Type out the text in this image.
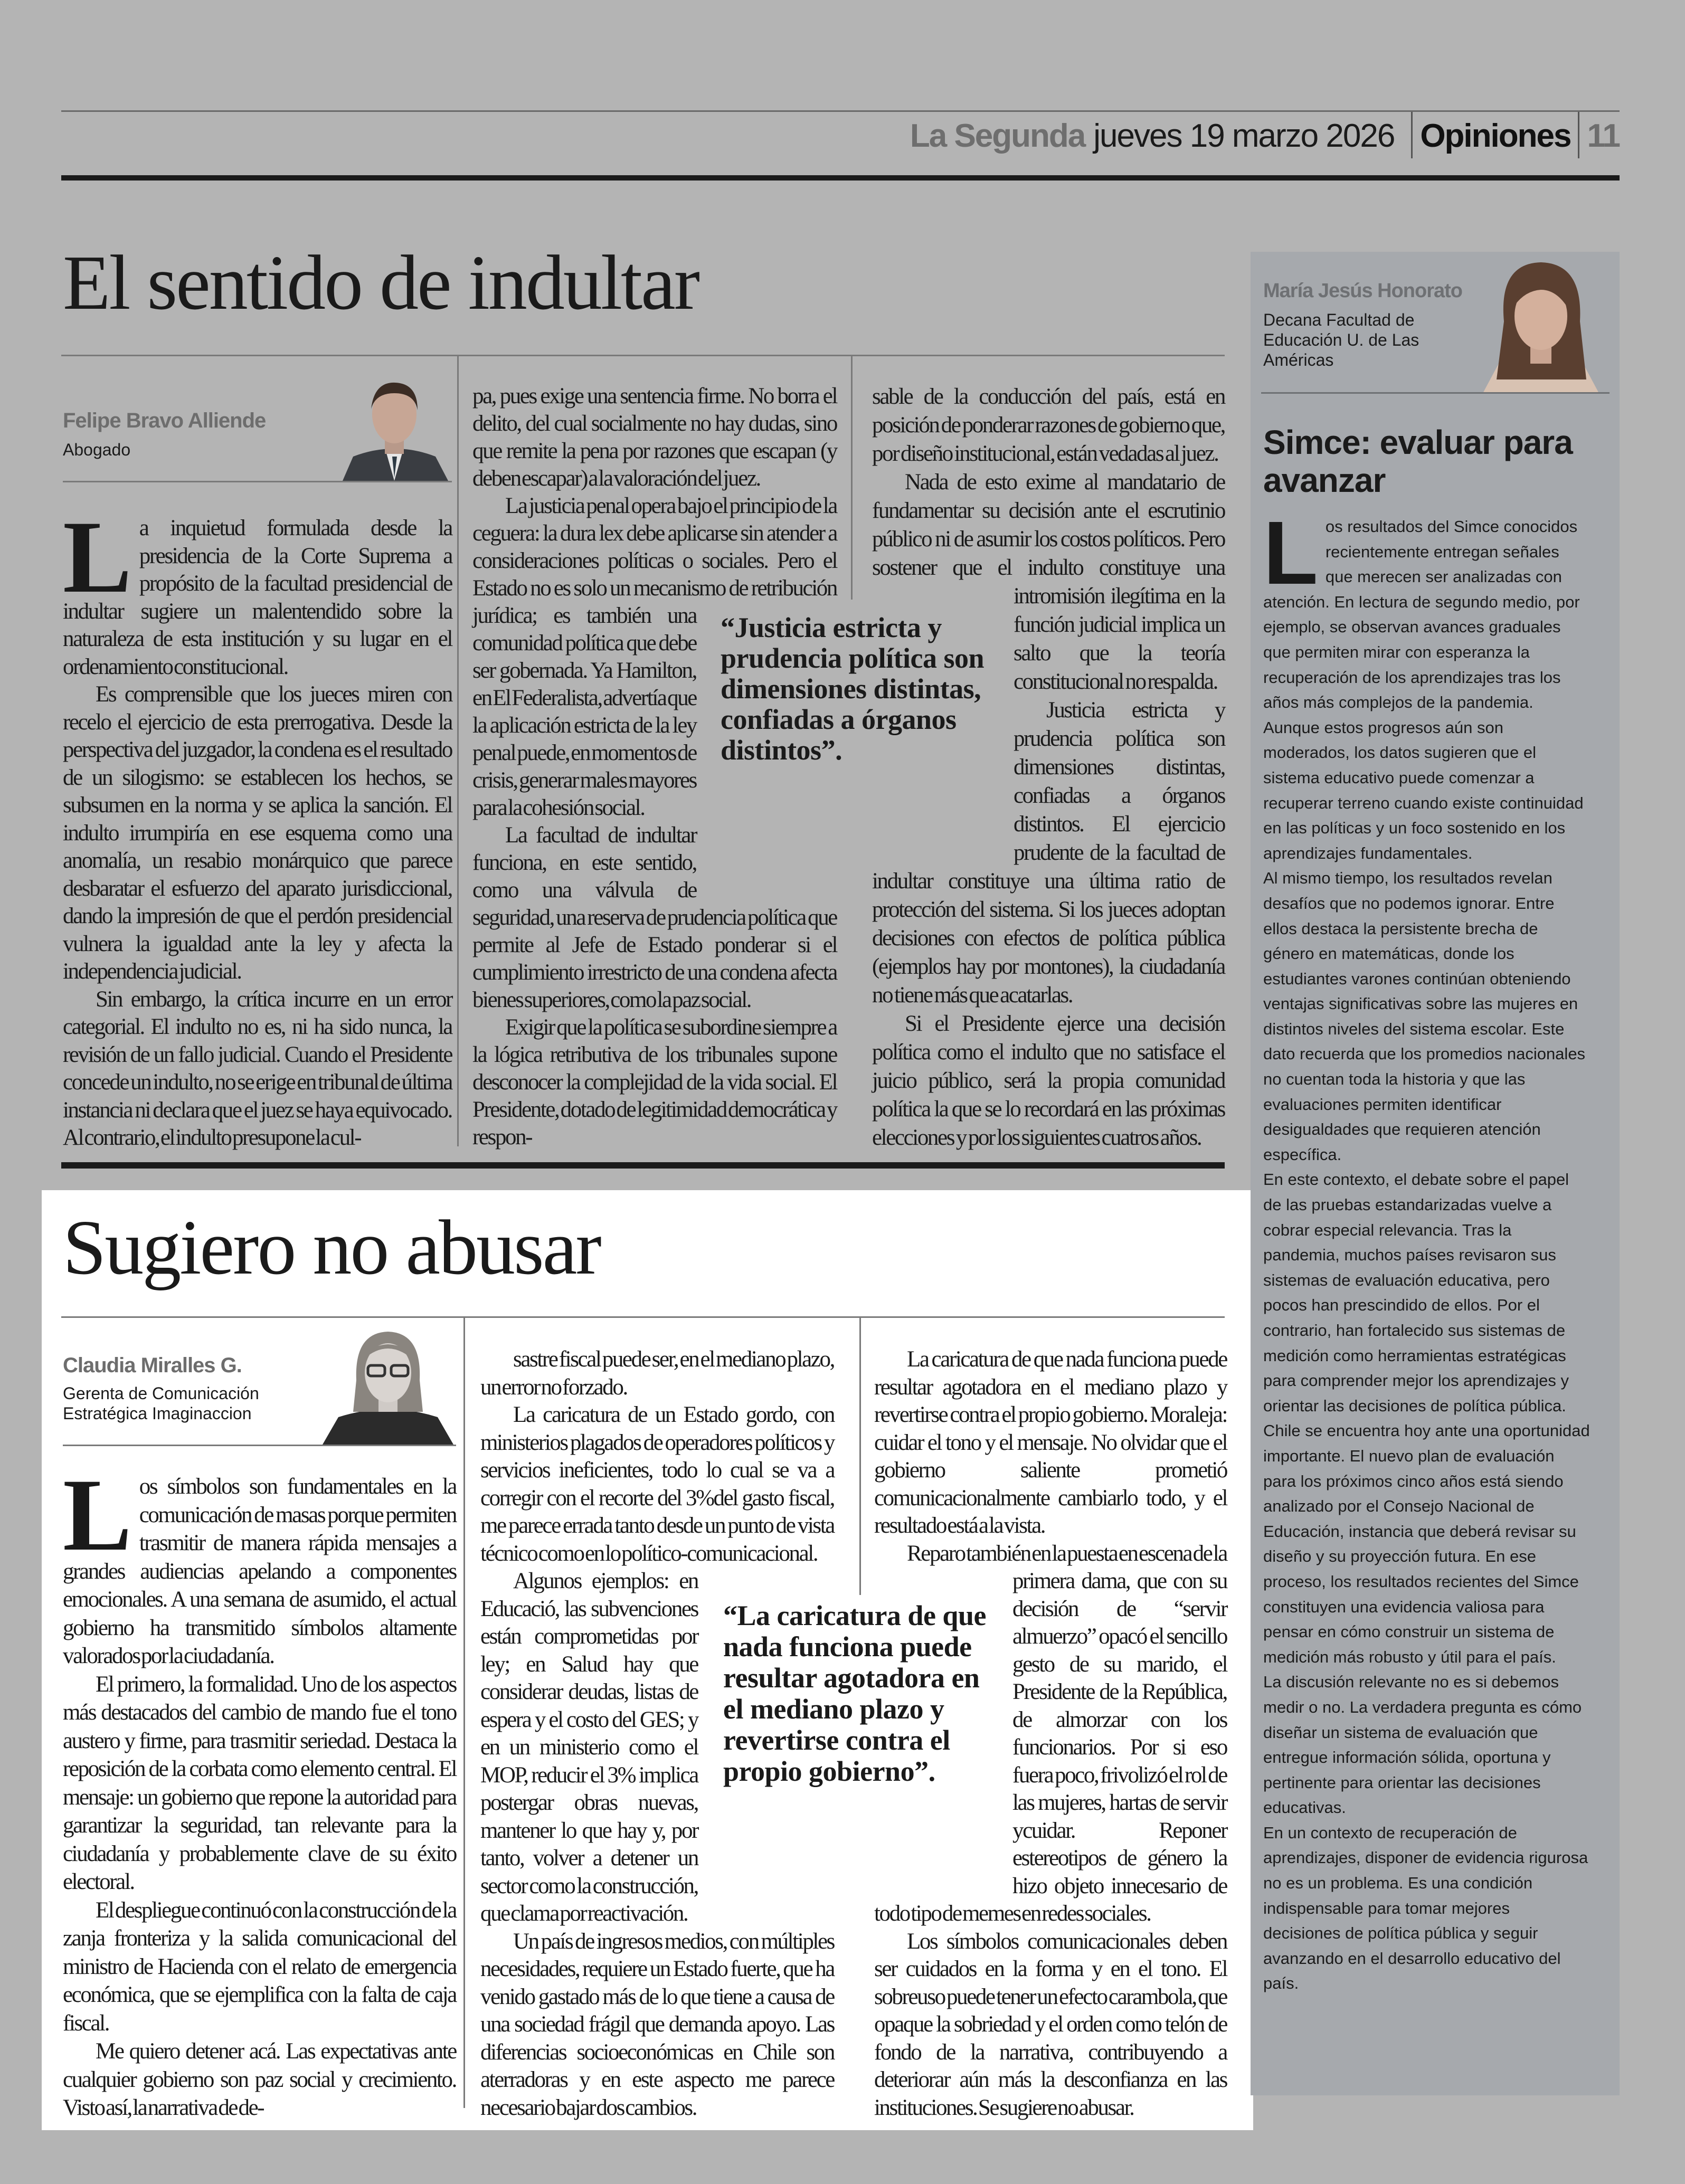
La Segunda jueves 19 marzo 2026 Opiniones 11
El sentido de indultar
Felipe Bravo Alliende
Abogado
L a inquietud formulada desde la presidencia de la Corte Suprema a propósito de la facultad presidencial de indultar sugiere un malentendido sobre la naturaleza de esta institución y su lugar en el ordenamiento constitucional.

Es comprensible que los jueces miren con recelo el ejercicio de esta prerrogativa. Desde la perspectiva del juzgador, la condena es el resultado de un silogismo: se establecen los hechos, se subsumen en la norma y se aplica la sanción. El indulto irrumpiría en ese esquema como una anomalía, un resabio monárquico que parece desbaratar el esfuerzo del aparato jurisdiccional, dando la impresión de que el perdón presidencial vulnera la igualdad ante la ley y afecta la independencia judicial.

Sin embargo, la crítica incurre en un error categorial. El indulto no es, ni ha sido nunca, la revisión de un fallo judicial. Cuando el Presidente concede un indulto, no se erige en tribunal de última instancia ni declara que el juez se haya equivocado. Al contrario, el indulto presupone la cul-

pa, pues exige una sentencia firme. No borra el delito, del cual socialmente no hay dudas, sino que remite la pena por razones que escapan (y deben escapar) a la valoración del juez.

La justicia penal opera bajo el principio de la ceguera: la dura lex debe aplicarse sin atender a consideraciones políticas o sociales. Pero el Estado no es solo un mecanismo de retribución jurídica; es también una comunidad política que debe ser gobernada. Ya Hamilton, en El Federalista, advertía que la aplicación estricta de la ley penal puede, en momentos de crisis, generar males mayores para la cohesión social.

La facultad de indultar funciona, en este sentido, como una válvula de seguridad, una reserva de prudencia política que permite al Jefe de Estado ponderar si el cumplimiento irrestricto de una condena afecta bienes superiores, como la paz social.

Exigir que la política se subordine siempre a la lógica retributiva de los tribunales supone desconocer la complejidad de la vida social. El Presidente, dotado de legitimidad democrática y respon-

sable de la conducción del país, está en posición de ponderar razones de gobierno que, por diseño institucional, están vedadas al juez.

Nada de esto exime al mandatario de fundamentar su decisión ante el escrutinio público ni de asumir los costos políticos. Pero sostener que el indulto constituye una intromisión ilegítima en la función judicial implica un salto que la teoría constitucional no respalda.

Justicia estricta y prudencia política son dimensiones distintas, confiadas a órganos distintos. El ejercicio prudente de la facultad de indultar constituye una última ratio de protección del sistema. Si los jueces adoptan decisiones con efectos de política pública (ejemplos hay por montones), la ciudadanía no tiene más que acatarlas.

Si el Presidente ejerce una decisión política como el indulto que no satisface el juicio público, será la propia comunidad política la que se lo recordará en las próximas elecciones y por los siguientes cuatros años.

“Justicia estricta y prudencia política son dimensiones distintas, confiadas a órganos distintos”.
Sugiero no abusar
Claudia Miralles G.
Gerenta de Comunicación Estratégica Imaginaccion
L os símbolos son fundamentales en la comunicación de masas porque permiten trasmitir de manera rápida mensajes a grandes audiencias apelando a componentes emocionales. A una semana de asumido, el actual gobierno ha transmitido símbolos altamente valorados por la ciudadanía.

El primero, la formalidad. Uno de los aspectos más destacados del cambio de mando fue el tono austero y firme, para trasmitir seriedad. Destaca la reposición de la corbata como elemento central. El mensaje: un gobierno que repone la autoridad para garantizar la seguridad, tan relevante para la ciudadanía y probablemente clave de su éxito electoral.

El despliegue continuó con la construcción de la zanja fronteriza y la salida comunicacional del ministro de Hacienda con el relato de emergencia económica, que se ejemplifica con la falta de caja fiscal.

Me quiero detener acá. Las expectativas ante cualquier gobierno son paz social y crecimiento. Visto así, la narrativa de de-

sastre fiscal puede ser, en el mediano plazo, un error no forzado.

La caricatura de un Estado gordo, con ministerios plagados de operadores políticos y servicios ineficientes, todo lo cual se va a corregir con el recorte del 3%del gasto fiscal, me parece errada tanto desde un punto de vista técnico como en lo político-comunicacional.

Algunos ejemplos: en Educació, las subvenciones están comprometidas por ley; en Salud hay que considerar deudas, listas de espera y el costo del GES; y en un ministerio como el MOP, reducir el 3% implica postergar obras nuevas, mantener lo que hay y, por tanto, volver a detener un sector como la construcción, que clama por reactivación.

Un país de ingresos medios, con múltiples necesidades, requiere un Estado fuerte, que ha venido gastado más de lo que tiene a causa de una sociedad frágil que demanda apoyo. Las diferencias socioeconómicas en Chile son aterradoras y en este aspecto me parece necesario bajar dos cambios.

La caricatura de que nada funciona puede resultar agotadora en el mediano plazo y revertirse contra el propio gobierno. Moraleja: cuidar el tono y el mensaje. No olvidar que el gobierno saliente prometió comunicacionalmente cambiarlo todo, y el resultado está a la vista.

Reparo también en la puesta en escena de la primera dama, que con su decisión de “servir almuerzo” opacó el sencillo gesto de su marido, el Presidente de la República, de almorzar con los funcionarios. Por si eso fuera poco, frivolizó el rol de las mujeres, hartas de servir ycuidar. Reponer estereotipos de género la hizo objeto innecesario de todo tipo de memes en redes sociales.

Los símbolos comunicacionales deben ser cuidados en la forma y en el tono. El sobreuso puede tener un efecto carambola, que opaque la sobriedad y el orden como telón de fondo de la narrativa, contribuyendo a deteriorar aún más la desconfianza en las instituciones. Se sugiere no abusar.

“La caricatura de que nada funciona puede resultar agotadora en el mediano plazo y revertirse contra el propio gobierno”.
María Jesús Honorato
Decana Facultad de Educación U. de Las Américas
Simce: evaluar para avanzar
L os resultados del Simce conocidos recientemente entregan señales que merecen ser analizadas con atención. En lectura de segundo medio, por ejemplo, se observan avances graduales que permiten mirar con esperanza la recuperación de los aprendizajes tras los años más complejos de la pandemia.

Aunque estos progresos aún son moderados, los datos sugieren que el sistema educativo puede comenzar a recuperar terreno cuando existe continuidad en las políticas y un foco sostenido en los aprendizajes fundamentales.

Al mismo tiempo, los resultados revelan desafíos que no podemos ignorar. Entre ellos destaca la persistente brecha de género en matemáticas, donde los estudiantes varones continúan obteniendo ventajas significativas sobre las mujeres en distintos niveles del sistema escolar. Este dato recuerda que los promedios nacionales no cuentan toda la historia y que las evaluaciones permiten identificar desigualdades que requieren atención específica.

En este contexto, el debate sobre el papel de las pruebas estandarizadas vuelve a cobrar especial relevancia. Tras la pandemia, muchos países revisaron sus sistemas de evaluación educativa, pero pocos han prescindido de ellos. Por el contrario, han fortalecido sus sistemas de medición como herramientas estratégicas para comprender mejor los aprendizajes y orientar las decisiones de política pública.

Chile se encuentra hoy ante una oportunidad importante. El nuevo plan de evaluación para los próximos cinco años está siendo analizado por el Consejo Nacional de Educación, instancia que deberá revisar su diseño y su proyección futura. En ese proceso, los resultados recientes del Simce constituyen una evidencia valiosa para pensar en cómo construir un sistema de medición más robusto y útil para el país.

La discusión relevante no es si debemos medir o no. La verdadera pregunta es cómo diseñar un sistema de evaluación que entregue información sólida, oportuna y pertinente para orientar las decisiones educativas.

En un contexto de recuperación de aprendizajes, disponer de evidencia rigurosa no es un problema. Es una condición indispensable para tomar mejores decisiones de política pública y seguir avanzando en el desarrollo educativo del país.
